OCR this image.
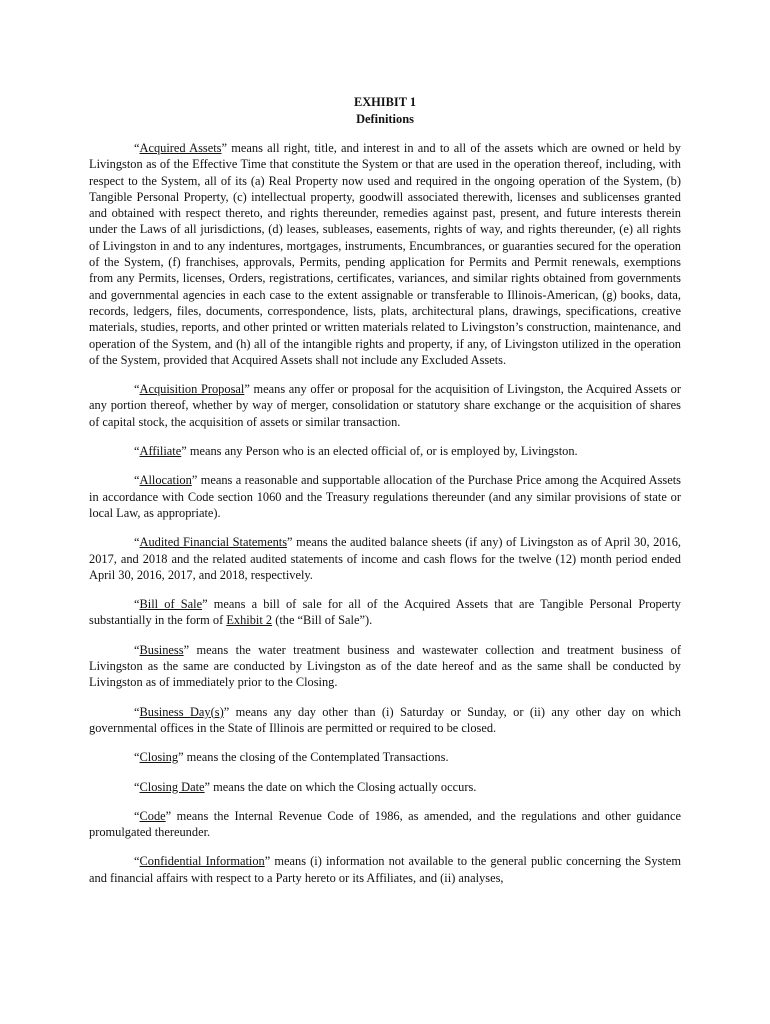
EXHIBIT 1
Definitions

“Acquired Assets” means all right, title, and interest in and to all of the assets which are owned or held by Livingston as of the Effective Time that constitute the System or that are used in the operation thereof, including, with respect to the System, all of its (a) Real Property now used and required in the ongoing operation of the System, (b) Tangible Personal Property, (c) intellectual property, goodwill associated therewith, licenses and sublicenses granted and obtained with respect thereto, and rights thereunder, remedies against past, present, and future interests therein under the Laws of all jurisdictions, (d) leases, subleases, easements, rights of way, and rights thereunder, (e) all rights of Livingston in and to any indentures, mortgages, instruments, Encumbrances, or guaranties secured for the operation of the System, (f) franchises, approvals, Permits, pending application for Permits and Permit renewals, exemptions from any Permits, licenses, Orders, registrations, certificates, variances, and similar rights obtained from governments and governmental agencies in each case to the extent assignable or transferable to Illinois-American, (g) books, data, records, ledgers, files, documents, correspondence, lists, plats, architectural plans, drawings, specifications, creative materials, studies, reports, and other printed or written materials related to Livingston’s construction, maintenance, and operation of the System, and (h) all of the intangible rights and property, if any, of Livingston utilized in the operation of the System, provided that Acquired Assets shall not include any Excluded Assets.

“Acquisition Proposal” means any offer or proposal for the acquisition of Livingston, the Acquired Assets or any portion thereof, whether by way of merger, consolidation or statutory share exchange or the acquisition of shares of capital stock, the acquisition of assets or similar transaction.

“Affiliate” means any Person who is an elected official of, or is employed by, Livingston.

“Allocation” means a reasonable and supportable allocation of the Purchase Price among the Acquired Assets in accordance with Code section 1060 and the Treasury regulations thereunder (and any similar provisions of state or local Law, as appropriate).

“Audited Financial Statements” means the audited balance sheets (if any) of Livingston as of April 30, 2016, 2017, and 2018 and the related audited statements of income and cash flows for the twelve (12) month period ended April 30, 2016, 2017, and 2018, respectively.

“Bill of Sale” means a bill of sale for all of the Acquired Assets that are Tangible Personal Property substantially in the form of Exhibit 2 (the “Bill of Sale”).

“Business” means the water treatment business and wastewater collection and treatment business of Livingston as the same are conducted by Livingston as of the date hereof and as the same shall be conducted by Livingston as of immediately prior to the Closing.

“Business Day(s)” means any day other than (i) Saturday or Sunday, or (ii) any other day on which governmental offices in the State of Illinois are permitted or required to be closed.

“Closing” means the closing of the Contemplated Transactions.

“Closing Date” means the date on which the Closing actually occurs.

“Code” means the Internal Revenue Code of 1986, as amended, and the regulations and other guidance promulgated thereunder.

“Confidential Information” means (i) information not available to the general public concerning the System and financial affairs with respect to a Party hereto or its Affiliates, and (ii) analyses,
